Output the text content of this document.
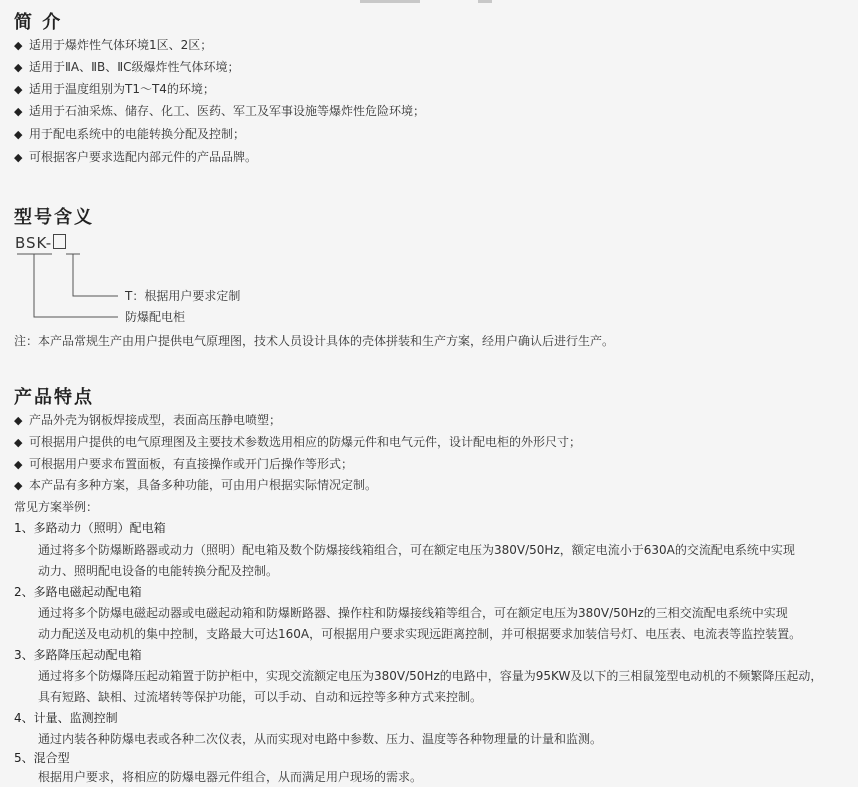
简 介
◆ 适用于爆炸性气体环境1区、2区；
◆ 适用于ⅡA、ⅡB、ⅡC级爆炸性气体环境；
◆ 适用于温度组别为T1～T4的环境；
◆ 适用于石油采炼、储存、化工、医药、军工及军事设施等爆炸性危险环境；
◆ 用于配电系统中的电能转换分配及控制；
◆ 可根据客户要求选配内部元件的产品品牌。
型号含义
BSK-
T：根据用户要求定制
防爆配电柜
注：本产品常规生产由用户提供电气原理图，技术人员设计具体的壳体拼装和生产方案，经用户确认后进行生产。
产品特点
◆ 产品外壳为钢板焊接成型，表面高压静电喷塑；
◆ 可根据用户提供的电气原理图及主要技术参数选用相应的防爆元件和电气元件，设计配电柜的外形尺寸；
◆ 可根据用户要求布置面板，有直接操作或开门后操作等形式；
◆ 本产品有多种方案，具备多种功能，可由用户根据实际情况定制。
常见方案举例：
1、多路动力（照明）配电箱
通过将多个防爆断路器或动力（照明）配电箱及数个防爆接线箱组合，可在额定电压为380V/50Hz，额定电流小于630A的交流配电系统中实现
动力、照明配电设备的电能转换分配及控制。
2、多路电磁起动配电箱
通过将多个防爆电磁起动器或电磁起动箱和防爆断路器、操作柱和防爆接线箱等组合，可在额定电压为380V/50Hz的三相交流配电系统中实现
动力配送及电动机的集中控制，支路最大可达160A，可根据用户要求实现远距离控制，并可根据要求加装信号灯、电压表、电流表等监控装置。
3、多路降压起动配电箱
通过将多个防爆降压起动箱置于防护柜中，实现交流额定电压为380V/50Hz的电路中，容量为95KW及以下的三相鼠笼型电动机的不频繁降压起动，
具有短路、缺相、过流堵转等保护功能，可以手动、自动和远控等多种方式来控制。
4、计量、监测控制
通过内装各种防爆电表或各种二次仪表，从而实现对电路中参数、压力、温度等各种物理量的计量和监测。
5、混合型
根据用户要求，将相应的防爆电器元件组合，从而满足用户现场的需求。
